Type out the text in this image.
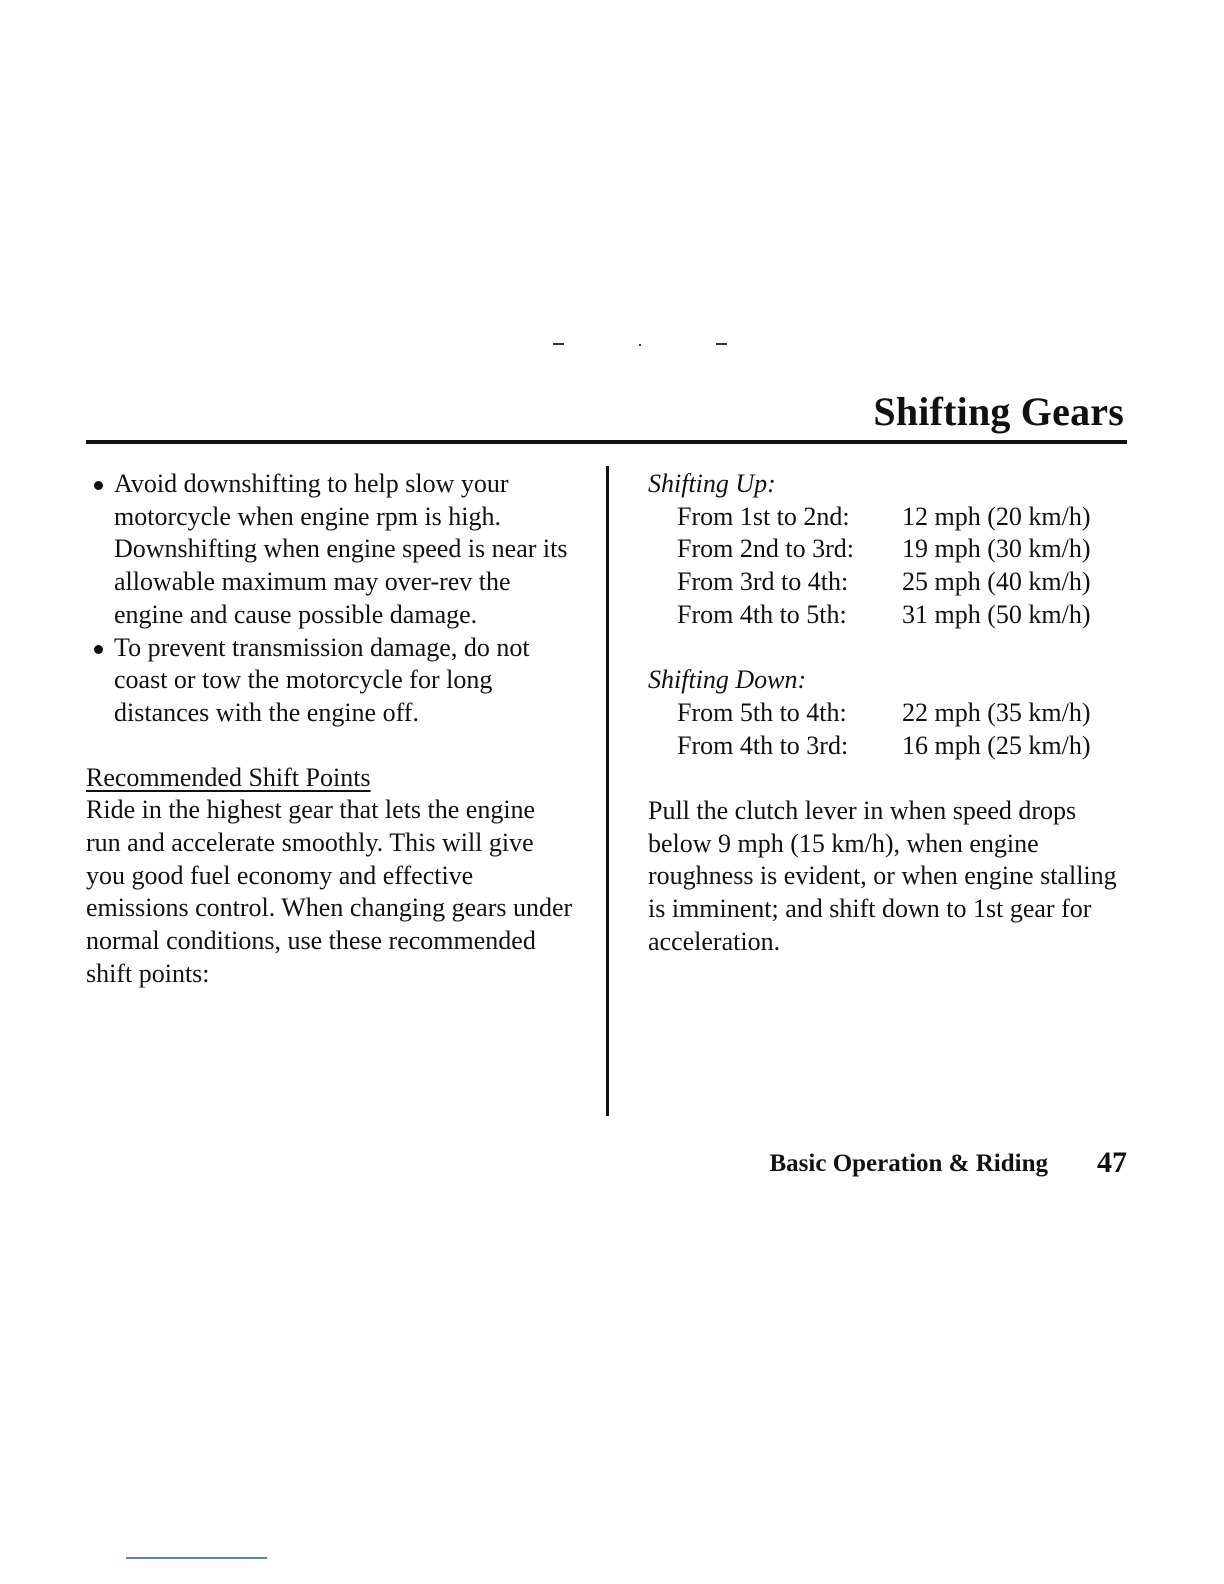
Shifting Gears
Avoid downshifting to help slow your motorcycle when engine rpm is high. Downshifting when engine speed is near its allowable maximum may over-rev the engine and cause possible damage.
To prevent transmission damage, do not coast or tow the motorcycle for long distances with the engine off.
Recommended Shift Points

Ride in the highest gear that lets the engine run and accelerate smoothly. This will give you good fuel economy and effective emissions control. When changing gears under normal conditions, use these recommended shift points:

Shifting Up:
From 1st to 2nd:	12 mph (20 km/h)
From 2nd to 3rd:	19 mph (30 km/h)
From 3rd to 4th:	25 mph (40 km/h)
From 4th to 5th:	31 mph (50 km/h)
Shifting Down:
From 5th to 4th:	22 mph (35 km/h)
From 4th to 3rd:	16 mph (25 km/h)

Pull the clutch lever in when speed drops below 9 mph (15 km/h), when engine roughness is evident, or when engine stalling is imminent; and shift down to 1st gear for acceleration.

Basic Operation & Riding 47
